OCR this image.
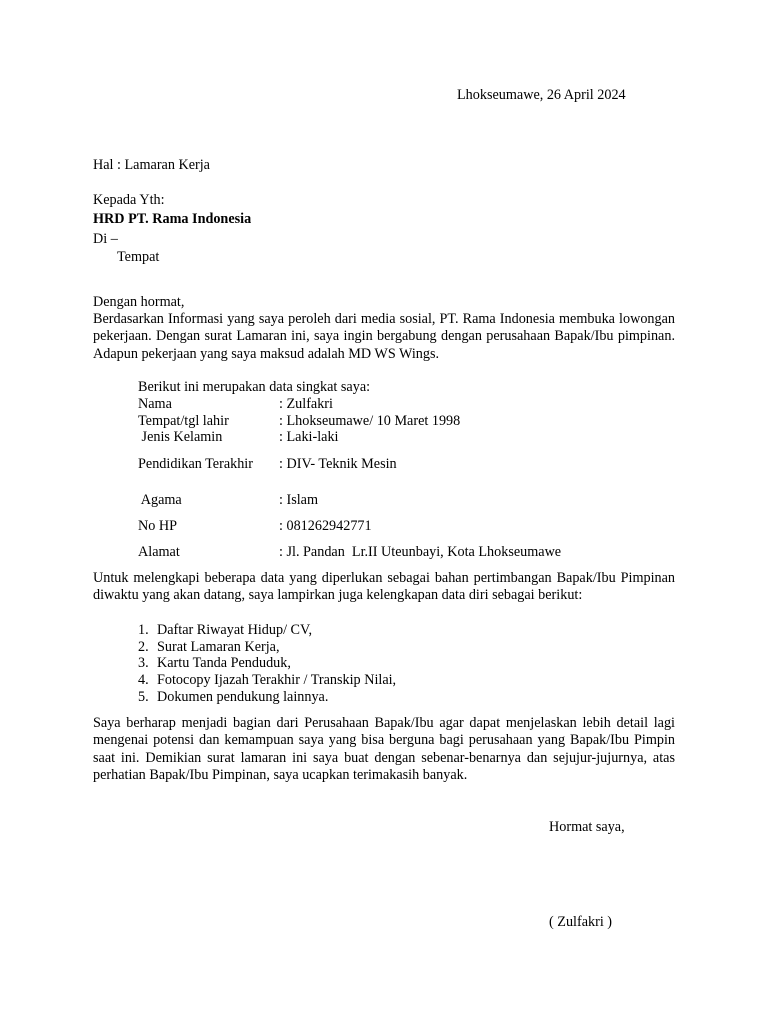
Lhokseumawe, 26 April 2024
Hal : Lamaran Kerja
Kepada Yth:
HRD PT. Rama Indonesia
Di –
Tempat
Dengan hormat,
Berdasarkan Informasi yang saya peroleh dari media sosial, PT. Rama Indonesia membuka lowongan pekerjaan. Dengan surat Lamaran ini, saya ingin bergabung dengan perusahaan Bapak/Ibu pimpinan. Adapun pekerjaan yang saya maksud adalah MD WS Wings.
Berikut ini merupakan data singkat saya:
Nama	: Zulfakri
Tempat/tgl lahir	: Lhokseumawe/ 10 Maret 1998
Jenis Kelamin	: Laki-laki
Pendidikan Terakhir : DIV- Teknik Mesin
Agama	: Islam
No HP	: 081262942771
Alamat	: Jl. Pandan  Lr.II Uteunbayi, Kota Lhokseumawe
Untuk melengkapi beberapa data yang diperlukan sebagai bahan pertimbangan Bapak/Ibu Pimpinan diwaktu yang akan datang, saya lampirkan juga kelengkapan data diri sebagai berikut:
1. Daftar Riwayat Hidup/ CV,
2. Surat Lamaran Kerja,
3. Kartu Tanda Penduduk,
4. Fotocopy Ijazah Terakhir / Transkip Nilai,
5. Dokumen pendukung lainnya.
Saya berharap menjadi bagian dari Perusahaan Bapak/Ibu agar dapat menjelaskan lebih detail lagi mengenai potensi dan kemampuan saya yang bisa berguna bagi perusahaan yang Bapak/Ibu Pimpin saat ini. Demikian surat lamaran ini saya buat dengan sebenar-benarnya dan sejujur-jujurnya, atas perhatian Bapak/Ibu Pimpinan, saya ucapkan terimakasih banyak.
Hormat saya,
( Zulfakri )
